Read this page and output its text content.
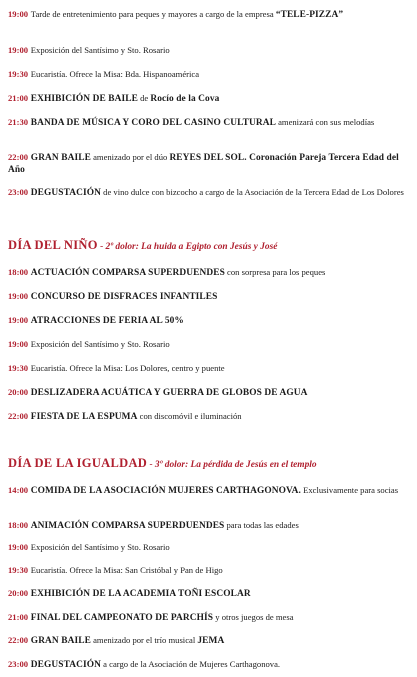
19:00 Tarde de entretenimiento para peques y mayores a cargo de la empresa “TELE-PIZZA”
19:00 Exposición del Santísimo y Sto. Rosario
19:30 Eucaristía. Ofrece la Misa: Bda. Hispanoamérica
21:00 EXHIBICIÓN DE BAILE de Rocío de la Cova
21:30 BANDA DE MÚSICA Y CORO DEL CASINO CULTURAL amenizará con sus melodías
22:00 GRAN BAILE amenizado por el dúo REYES DEL SOL. Coronación Pareja Tercera Edad del Año
23:00 DEGUSTACIÓN de vino dulce con bizcocho a cargo de la Asociación de la Tercera Edad de Los Dolores
DÍA DEL NIÑO - 2º dolor: La huida a Egipto con Jesús y José
18:00 ACTUACIÓN COMPARSA SUPERDUENDES con sorpresa para los peques
19:00 CONCURSO DE DISFRACES INFANTILES
19:00 ATRACCIONES DE FERIA AL 50%
19:00 Exposición del Santísimo y Sto. Rosario
19:30 Eucaristía. Ofrece la Misa: Los Dolores, centro y puente
20:00 DESLIZADERA ACUÁTICA Y GUERRA DE GLOBOS DE AGUA
22:00 FIESTA DE LA ESPUMA con discomóvil e iluminación
DÍA DE LA IGUALDAD - 3º dolor: La pérdida de Jesús en el templo
14:00 COMIDA DE LA ASOCIACIÓN MUJERES CARTHAGONOVA. Exclusivamente para socias
18:00 ANIMACIÓN COMPARSA SUPERDUENDES para todas las edades
19:00 Exposición del Santísimo y Sto. Rosario
19:30 Eucaristía. Ofrece la Misa: San Cristóbal y Pan de Higo
20:00 EXHIBICIÓN DE LA ACADEMIA TOÑI ESCOLAR
21:00 FINAL DEL CAMPEONATO DE PARCHÍS y otros juegos de mesa
22:00 GRAN BAILE amenizado por el trío musical JEMA
23:00 DEGUSTACIÓN a cargo de la Asociación de Mujeres Carthagonova.
